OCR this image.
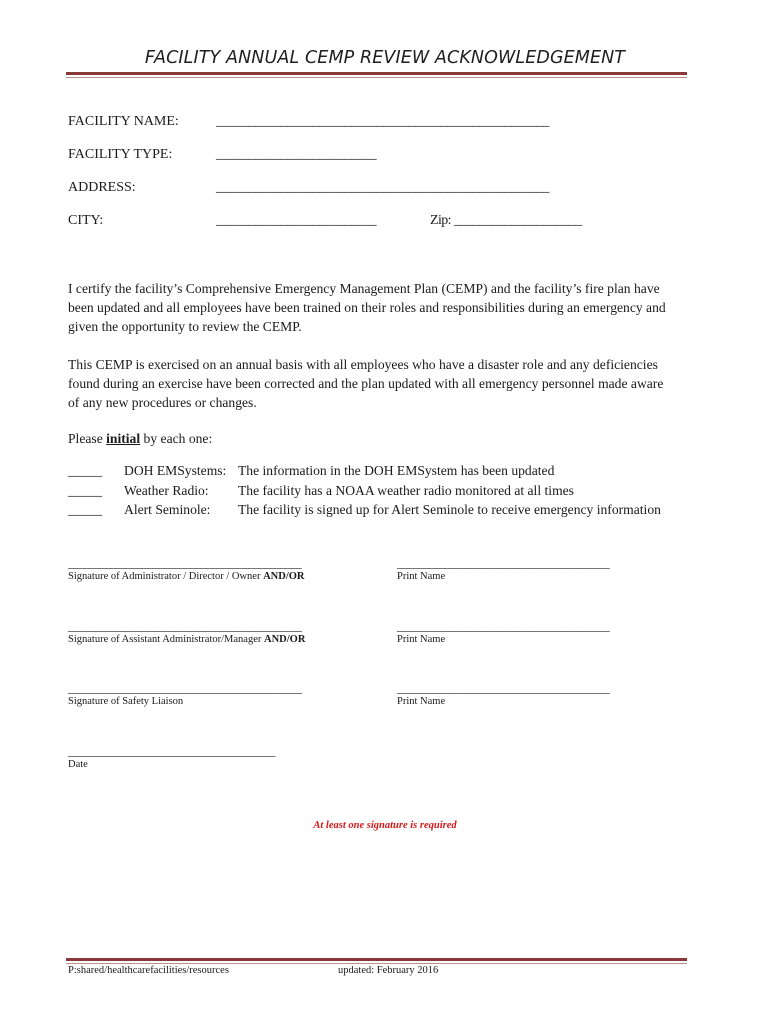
FACILITY ANNUAL CEMP REVIEW ACKNOWLEDGEMENT
FACILITY NAME:	____________________________________________________
FACILITY TYPE:	_________________________
ADDRESS:	____________________________________________________
CITY:	_________________________	Zip: ____________________
I certify the facility’s Comprehensive Emergency Management Plan (CEMP) and the facility’s fire plan have
been updated and all employees have been trained on their roles and responsibilities during an emergency and
given the opportunity to review the CEMP.
This CEMP is exercised on an annual basis with all employees who have a disaster role and any deficiencies
found during an exercise have been corrected and the plan updated with all emergency personnel made aware
of any new procedures or changes.
Please initial by each one:
_____ DOH EMSystems: The information in the DOH EMSystem has been updated
_____ Weather Radio: The facility has a NOAA weather radio monitored at all times
_____ Alert Seminole: The facility is signed up for Alert Seminole to receive emergency information
____________________________________________
Signature of Administrator / Director / Owner AND/OR
________________________________________
Print Name
____________________________________________
Signature of Assistant Administrator/Manager AND/OR
________________________________________
Print Name
____________________________________________
Signature of Safety Liaison
________________________________________
Print Name
_______________________________________
Date
At least one signature is required
P:shared/healthcarefacilities/resources	updated: February 2016
